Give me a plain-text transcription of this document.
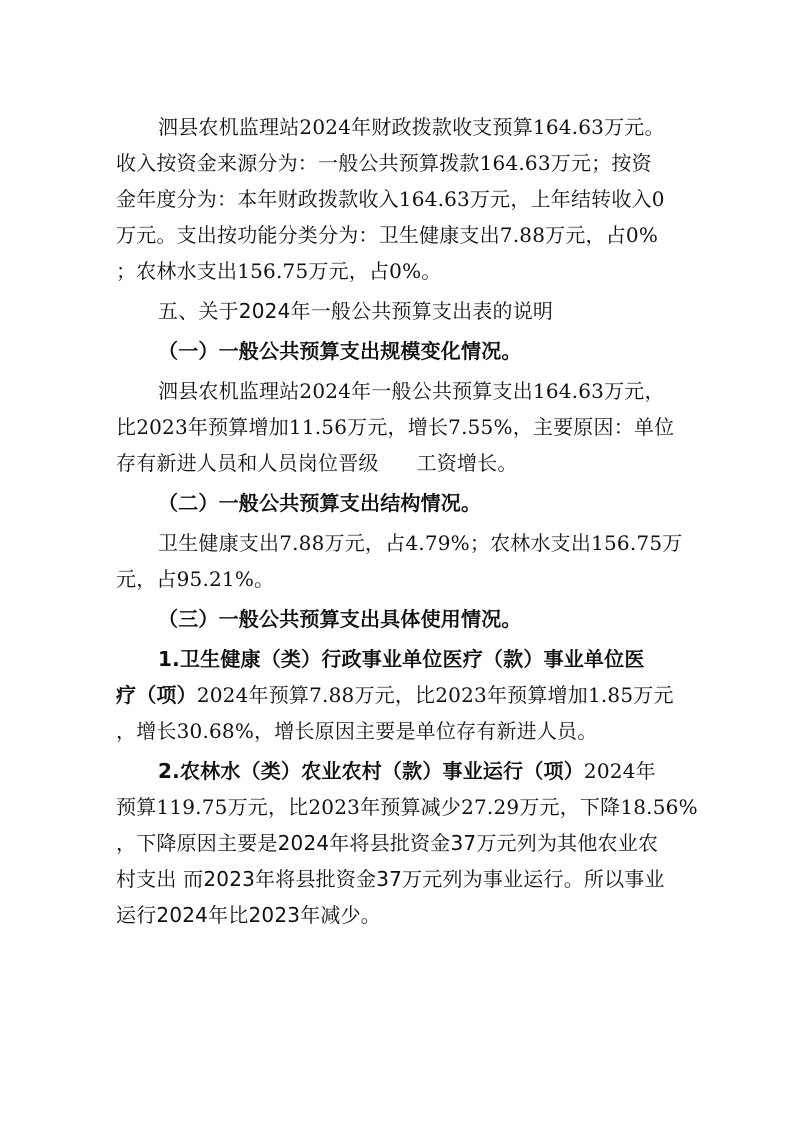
泗县农机监理站2024年财政拨款收支预算164.63万元。
收入按资金来源分为：一般公共预算拨款164.63万元；按资
金年度分为：本年财政拨款收入164.63万元，上年结转收入0
万元。支出按功能分类分为：卫生健康支出7.88万元，占0%
；农林水支出156.75万元，占0%。
五、关于2024年一般公共预算支出表的说明
（一）一般公共预算支出规模变化情况。
泗县农机监理站2024年一般公共预算支出164.63万元，
比2023年预算增加11.56万元，增长7.55%，主要原因：单位
存有新进人员和人员岗位晋级 工资增长。
（二）一般公共预算支出结构情况。
卫生健康支出7.88万元，占4.79%；农林水支出156.75万
元，占95.21%。
（三）一般公共预算支出具体使用情况。
1.卫生健康（类）行政事业单位医疗（款）事业单位医
疗（项）2024年预算7.88万元，比2023年预算增加1.85万元
，增长30.68%，增长原因主要是单位存有新进人员。
2.农林水（类）农业农村（款）事业运行（项）2024年
预算119.75万元，比2023年预算减少27.29万元，下降18.56%
，下降原因主要是2024年将县批资金37万元列为其他农业农
村支出 而2023年将县批资金37万元列为事业运行。所以事业
运行2024年比2023年减少。
